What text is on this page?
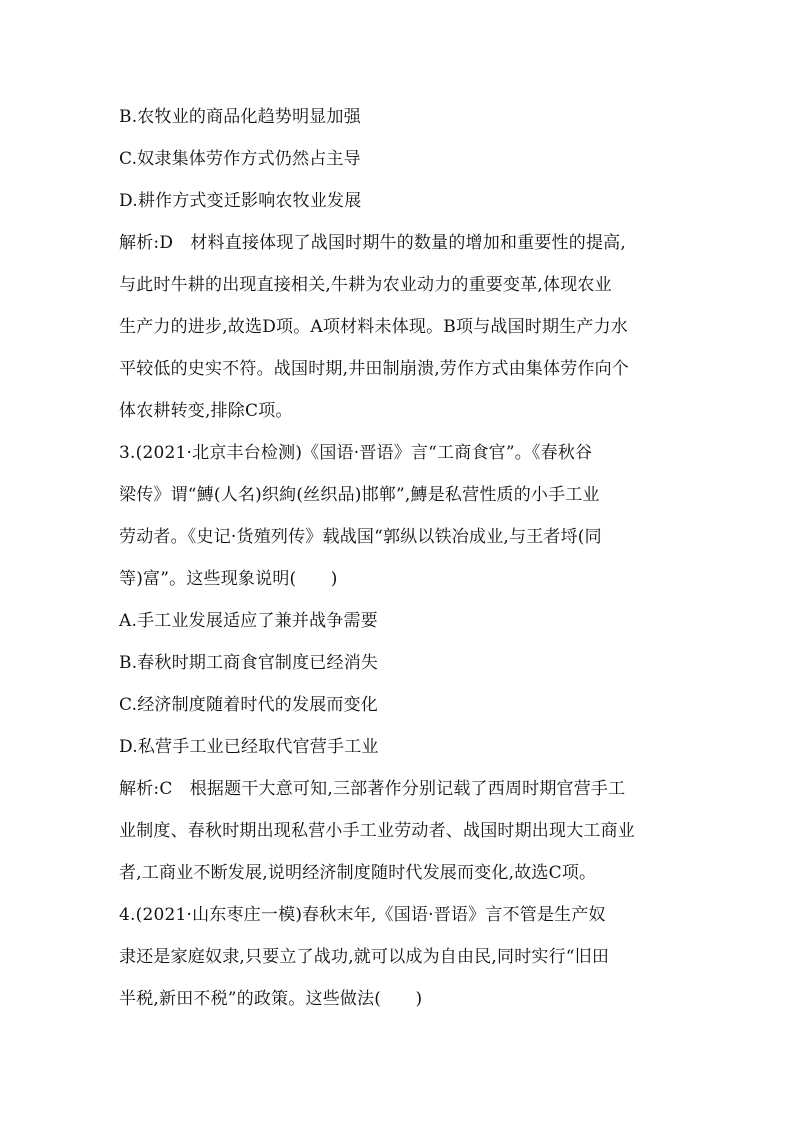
B.农牧业的商品化趋势明显加强
C.奴隶集体劳作方式仍然占主导
D.耕作方式变迁影响农牧业发展
解析:D　材料直接体现了战国时期牛的数量的增加和重要性的提高,
与此时牛耕的出现直接相关,牛耕为农业动力的重要变革,体现农业
生产力的进步,故选D项。A项材料未体现。B项与战国时期生产力水
平较低的史实不符。战国时期,井田制崩溃,劳作方式由集体劳作向个
体农耕转变,排除C项。
3.(2021·北京丰台检测)《国语·晋语》言“工商食官”。《春秋谷
梁传》谓“鱄(人名)织絇(丝织品)邯郸”,鱄是私营性质的小手工业
劳动者。《史记·货殖列传》载战国“郭纵以铁冶成业,与王者埒(同
等)富”。这些现象说明(　　)
A.手工业发展适应了兼并战争需要
B.春秋时期工商食官制度已经消失
C.经济制度随着时代的发展而变化
D.私营手工业已经取代官营手工业
解析:C　根据题干大意可知,三部著作分别记载了西周时期官营手工
业制度、春秋时期出现私营小手工业劳动者、战国时期出现大工商业
者,工商业不断发展,说明经济制度随时代发展而变化,故选C项。
4.(2021·山东枣庄一模)春秋末年,《国语·晋语》言不管是生产奴
隶还是家庭奴隶,只要立了战功,就可以成为自由民,同时实行“旧田
半税,新田不税”的政策。这些做法(　　)
